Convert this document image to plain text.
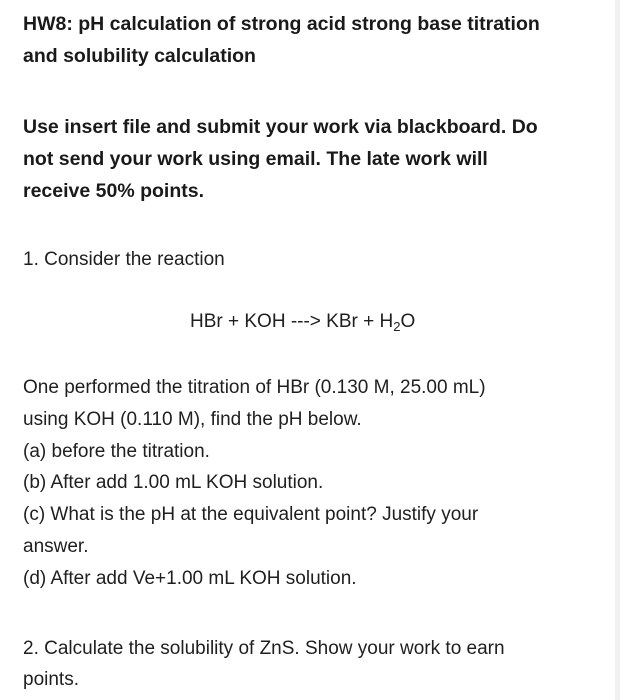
HW8: pH calculation of strong acid strong base titration
and solubility calculation
Use insert file and submit your work via blackboard. Do
not send your work using email. The late work will
receive 50% points.
1. Consider the reaction
HBr + KOH ---> KBr + $H_2O$
One performed the titration of HBr (0.130 M, 25.00 mL)
using KOH (0.110 M), find the pH below.
(a) before the titration.
(b) After add 1.00 mL KOH solution.
(c) What is the pH at the equivalent point? Justify your
answer.
(d) After add Ve+1.00 mL KOH solution.
2. Calculate the solubility of ZnS. Show your work to earn
points.
